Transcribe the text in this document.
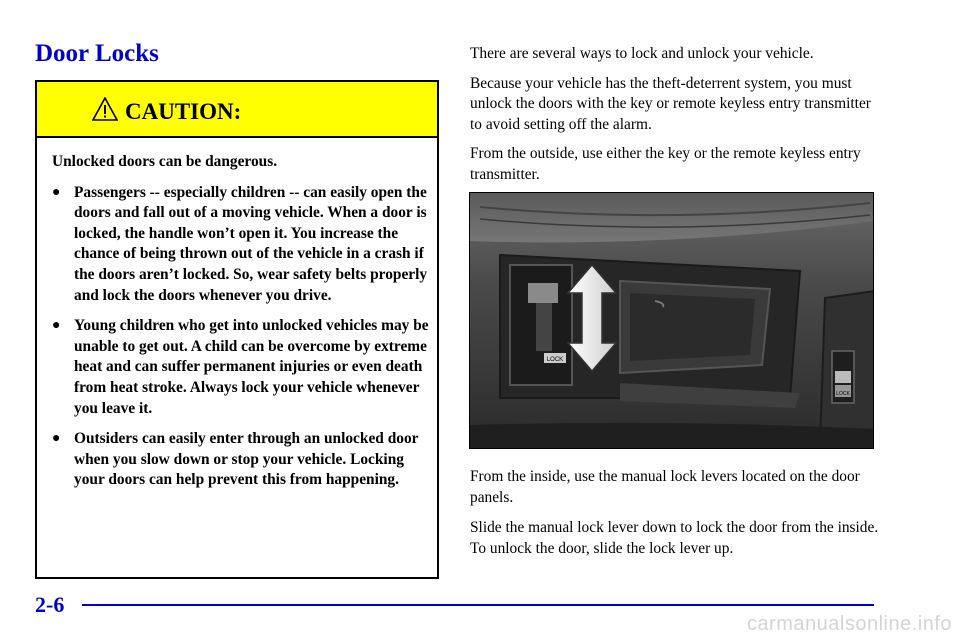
Door Locks
CAUTION:

Unlocked doors can be dangerous.

● Passengers -- especially children -- can easily open the doors and fall out of a moving vehicle. When a door is locked, the handle won’t open it. You increase the chance of being thrown out of the vehicle in a crash if the doors aren’t locked. So, wear safety belts properly and lock the doors whenever you drive.
● Young children who get into unlocked vehicles may be unable to get out. A child can be overcome by extreme heat and can suffer permanent injuries or even death from heat stroke. Always lock your vehicle whenever you leave it.
● Outsiders can easily enter through an unlocked door when you slow down or stop your vehicle. Locking your doors can help prevent this from happening.

There are several ways to lock and unlock your vehicle.

Because your vehicle has the theft-deterrent system, you must unlock the doors with the key or remote keyless entry transmitter to avoid setting off the alarm.

From the outside, use either the key or the remote keyless entry transmitter.

LOCK
LOCK

From the inside, use the manual lock levers located on the door panels.

Slide the manual lock lever down to lock the door from the inside. To unlock the door, slide the lock lever up.

2-6
carmanualsonline.info
